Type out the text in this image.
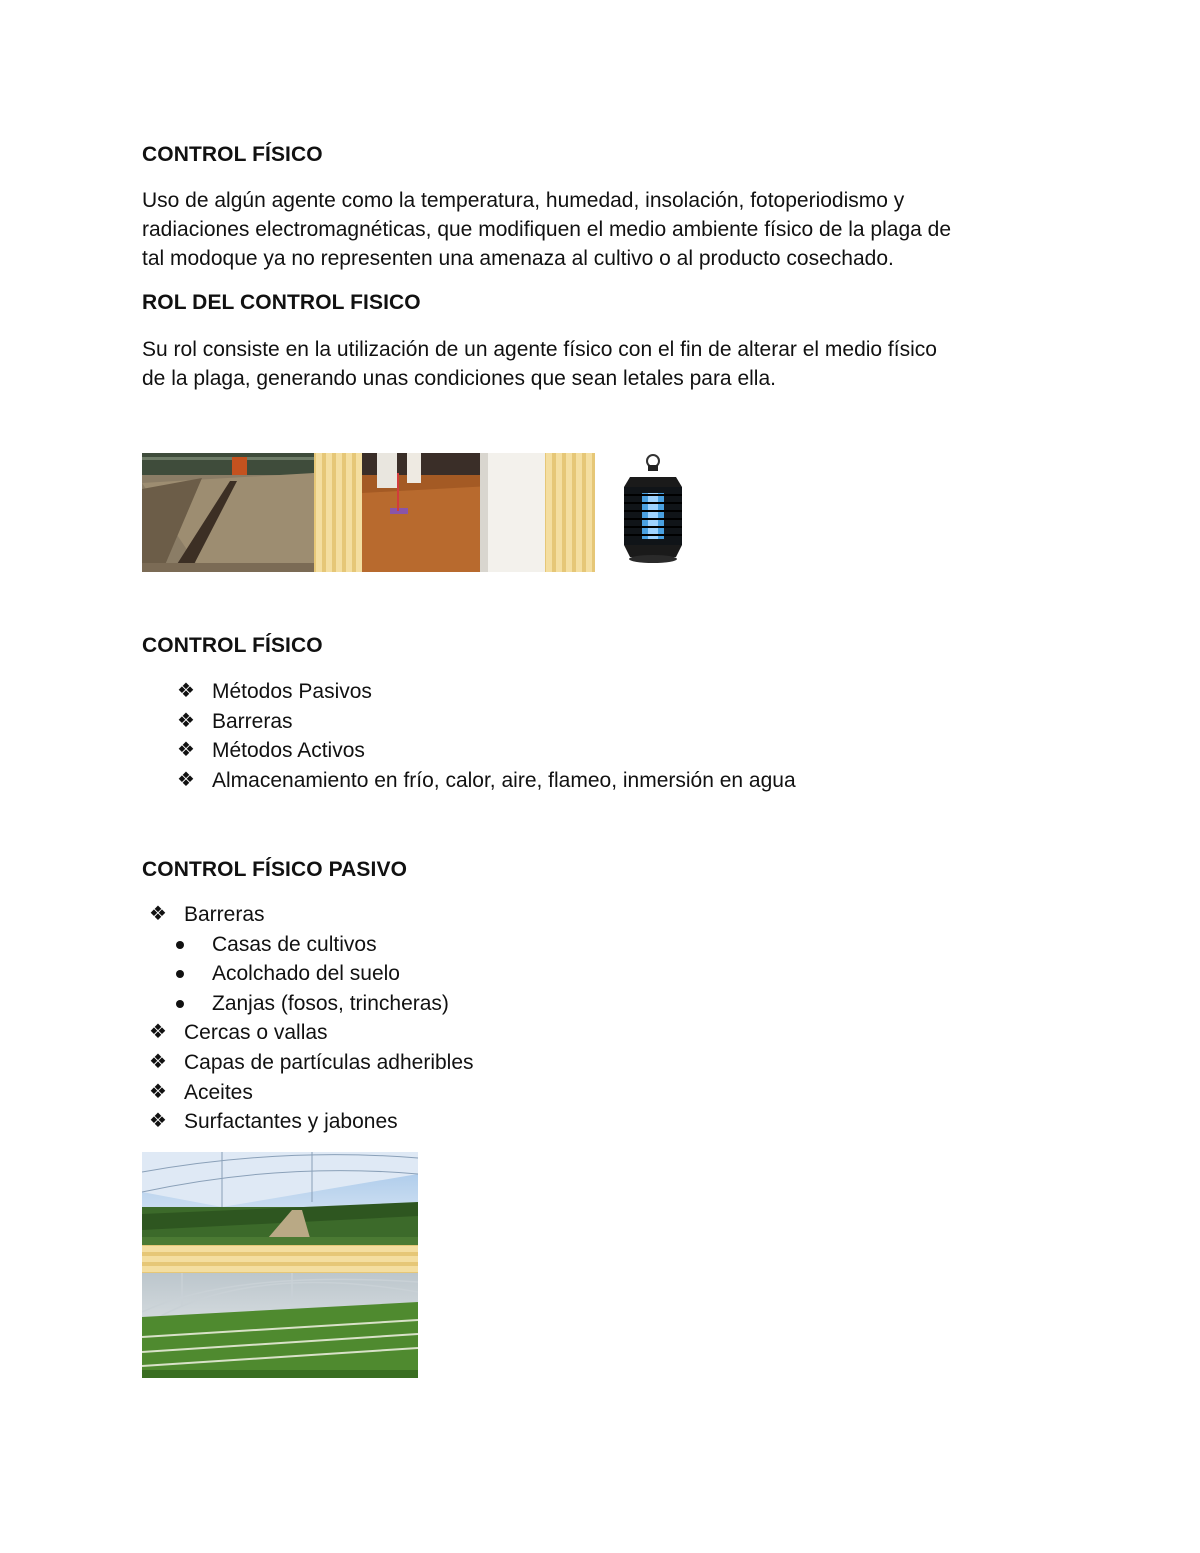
CONTROL FÍSICO
Uso de algún agente como la temperatura, humedad, insolación, fotoperiodismo y
radiaciones electromagnéticas, que modifiquen el medio ambiente físico de la plaga de
tal modoque ya no representen una amenaza al cultivo o al producto cosechado.
ROL DEL CONTROL FISICO
Su rol consiste en la utilización de un agente físico con el fin de alterar el medio físico
de la plaga, generando unas condiciones que sean letales para ella.
CONTROL FÍSICO
❖ Métodos Pasivos
❖ Barreras
❖ Métodos Activos
❖ Almacenamiento en frío, calor, aire, flameo, inmersión en agua
CONTROL FÍSICO PASIVO
❖ Barreras
Casas de cultivos
Acolchado del suelo
Zanjas (fosos, trincheras)
❖ Cercas o vallas
❖ Capas de partículas adheribles
❖ Aceites
❖ Surfactantes y jabones
